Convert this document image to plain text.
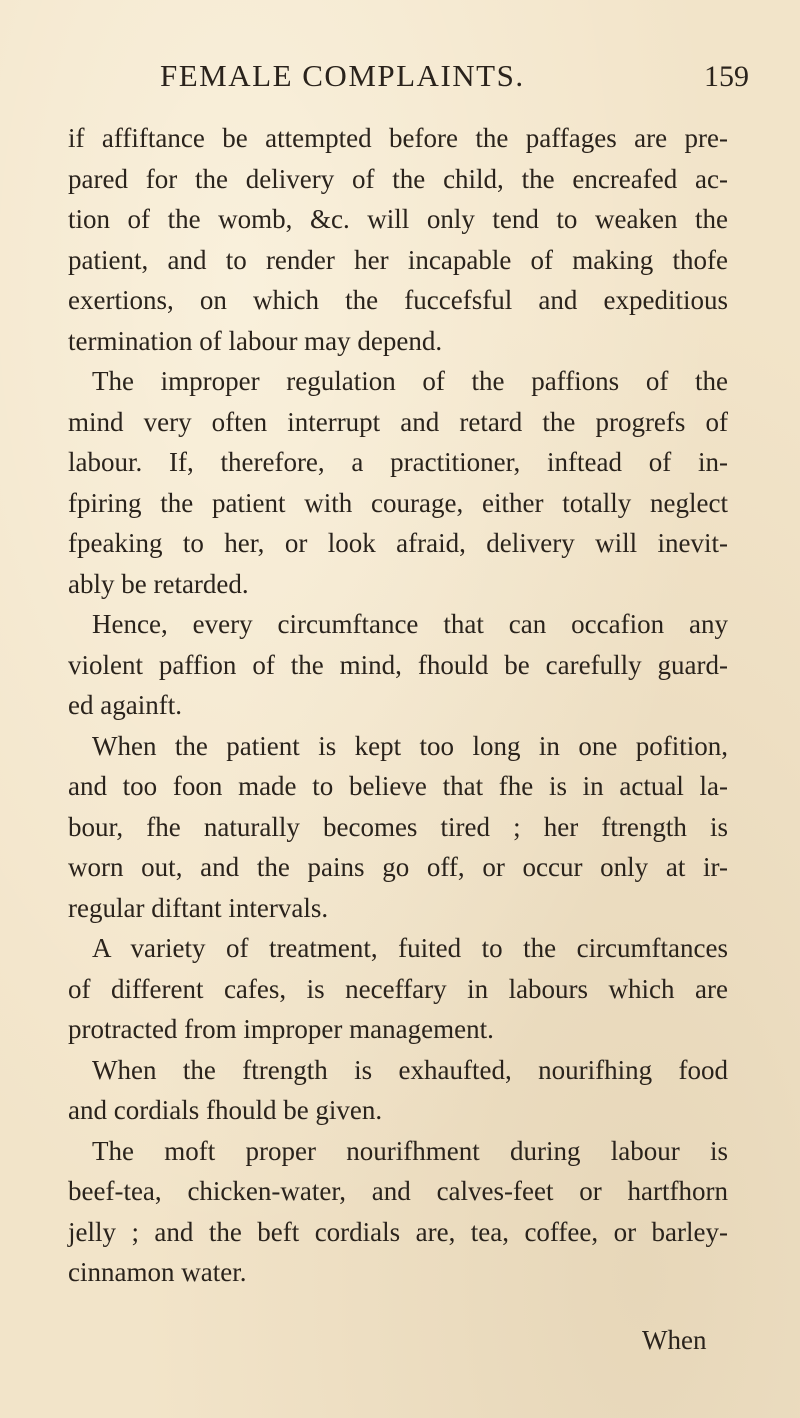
FEMALE COMPLAINTS.	159
if affiftance be attempted before the paffages are pre-
pared for the delivery of the child, the encreafed ac-
tion of the womb, &c. will only tend to weaken the
patient, and to render her incapable of making thofe
exertions, on which the fuccefsful and expeditious
termination of labour may depend.
The improper regulation of the paffions of the
mind very often interrupt and retard the progrefs of
labour. If, therefore, a practitioner, inftead of in-
fpiring the patient with courage, either totally neglect
fpeaking to her, or look afraid, delivery will inevit-
ably be retarded.
Hence, every circumftance that can occafion any
violent paffion of the mind, fhould be carefully guard-
ed againft.
When the patient is kept too long in one pofition,
and too foon made to believe that fhe is in actual la-
bour, fhe naturally becomes tired ; her ftrength is
worn out, and the pains go off, or occur only at ir-
regular diftant intervals.
A variety of treatment, fuited to the circumftances
of different cafes, is neceffary in labours which are
protracted from improper management.
When the ftrength is exhaufted, nourifhing food
and cordials fhould be given.
The moft proper nourifhment during labour is
beef-tea, chicken-water, and calves-feet or hartfhorn
jelly ; and the beft cordials are, tea, coffee, or barley-
cinnamon water.
When
